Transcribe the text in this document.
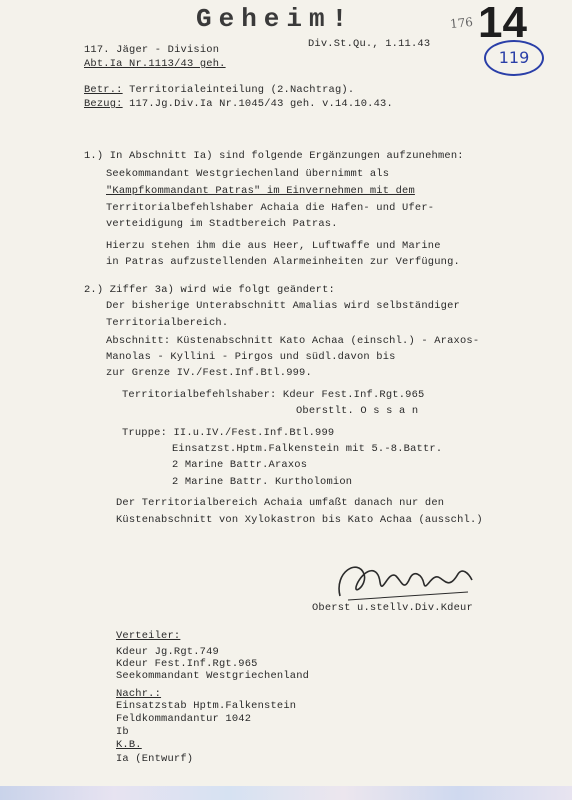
Geheim!	176 14
119
117. Jäger - Division
Abt.Ia Nr.1113/43 geh.
Div.St.Qu., 1.11.43
Betr.: Territorialeinteilung (2.Nachtrag).
Bezug: 117.Jg.Div.Ia Nr.1045/43 geh. v.14.10.43.
1.) In Abschnitt Ia) sind folgende Ergänzungen aufzunehmen:
Seekommandant Westgriechenland übernimmt als
"Kampfkommandant Patras" im Einvernehmen mit dem
Territorialbefehlshaber Achaia die Hafen- und Ufer-
verteidigung im Stadtbereich Patras.
Hierzu stehen ihm die aus Heer, Luftwaffe und Marine
in Patras aufzustellenden Alarmeinheiten zur Verfügung.
2.) Ziffer 3a) wird wie folgt geändert:
Der bisherige Unterabschnitt Amalias wird selbständiger
Territorialbereich.
Abschnitt: Küstenabschnitt Kato Achaa (einschl.) - Araxos-
Manolas - Kyllini - Pirgos und südl.davon bis
zur Grenze IV./Fest.Inf.Btl.999.
Territorialbefehlshaber: Kdeur Fest.Inf.Rgt.965
Oberstlt. O s s a n
Truppe: II.u.IV./Fest.Inf.Btl.999
Einsatzst.Hptm.Falkenstein mit 5.-8.Battr.
2 Marine Battr.Araxos
2 Marine Battr. Kurtholomion
Der Territorialbereich Achaia umfaßt danach nur den
Küstenabschnitt von Xylokastron bis Kato Achaa (ausschl.)
Oberst u.stellv.Div.Kdeur
Verteiler:
Kdeur Jg.Rgt.749
Kdeur Fest.Inf.Rgt.965
Seekommandant Westgriechenland
Nachr.:
Einsatzstab Hptm.Falkenstein
Feldkommandantur 1042
Ib
K.B.
Ia (Entwurf)
